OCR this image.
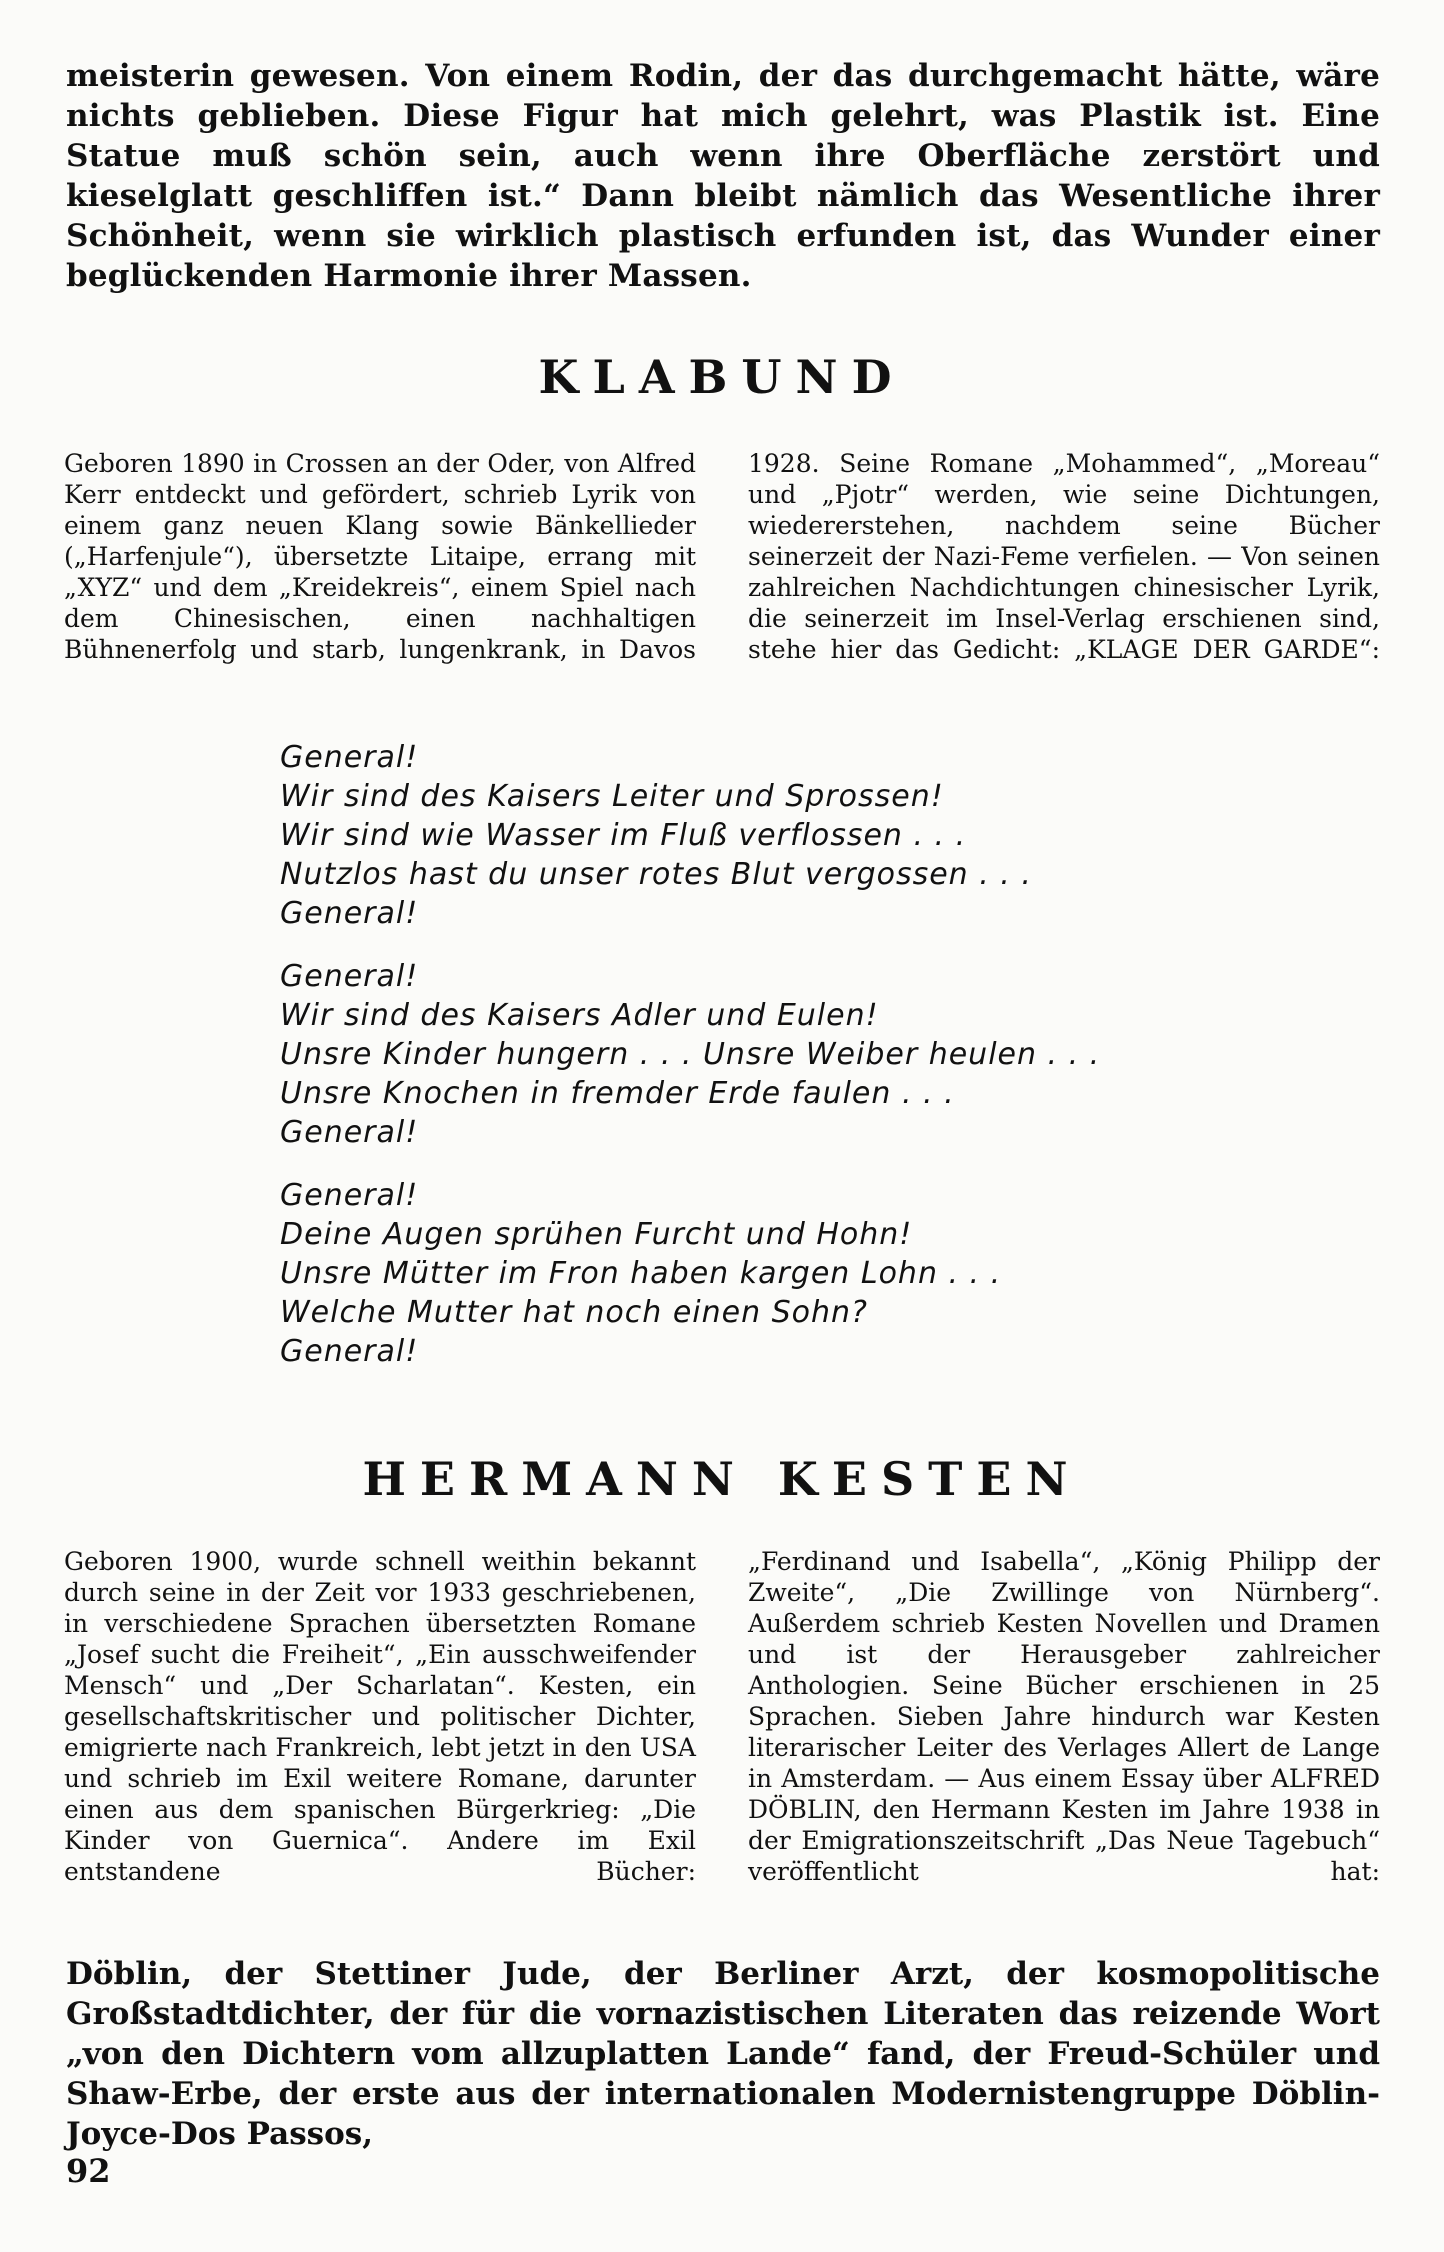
meisterin gewesen. Von einem Rodin, der das durchgemacht hätte, wäre nichts geblieben. Diese Figur hat mich gelehrt, was Plastik ist. Eine Statue muß schön sein, auch wenn ihre Oberfläche zerstört und kieselglatt geschliffen ist.“ Dann bleibt nämlich das Wesentliche ihrer Schönheit, wenn sie wirklich plastisch erfunden ist, das Wunder einer beglückenden Harmonie ihrer Massen.
KLABUND
Geboren 1890 in Crossen an der Oder, von Alfred Kerr entdeckt und gefördert, schrieb Lyrik von einem ganz neuen Klang sowie Bänkellieder („Harfenjule“), übersetzte Litaipe, errang mit „XYZ“ und dem „Kreidekreis“, einem Spiel nach dem Chinesischen, einen nachhaltigen Bühnenerfolg und starb, lungenkrank, in Davos
1928. Seine Romane „Mohammed“, „Moreau“ und „Pjotr“ werden, wie seine Dichtungen, wiedererstehen, nachdem seine Bücher seinerzeit der Nazi-Feme verfielen. — Von seinen zahlreichen Nachdichtungen chinesischer Lyrik, die seinerzeit im Insel-Verlag erschienen sind, stehe hier das Gedicht: „KLAGE DER GARDE“:
General!
Wir sind des Kaisers Leiter und Sprossen!
Wir sind wie Wasser im Fluß verflossen . . .
Nutzlos hast du unser rotes Blut vergossen . . .
General!
General!
Wir sind des Kaisers Adler und Eulen!
Unsre Kinder hungern . . . Unsre Weiber heulen . . .
Unsre Knochen in fremder Erde faulen . . .
General!
General!
Deine Augen sprühen Furcht und Hohn!
Unsre Mütter im Fron haben kargen Lohn . . .
Welche Mutter hat noch einen Sohn?
General!
HERMANN KESTEN
Geboren 1900, wurde schnell weithin bekannt durch seine in der Zeit vor 1933 geschriebenen, in verschiedene Sprachen übersetzten Romane „Josef sucht die Freiheit“, „Ein ausschweifender Mensch“ und „Der Scharlatan“. Kesten, ein gesellschaftskritischer und politischer Dichter, emigrierte nach Frankreich, lebt jetzt in den USA und schrieb im Exil weitere Romane, darunter einen aus dem spanischen Bürgerkrieg: „Die Kinder von Guernica“. Andere im Exil entstandene Bücher:
„Ferdinand und Isabella“, „König Philipp der Zweite“, „Die Zwillinge von Nürnberg“. Außerdem schrieb Kesten Novellen und Dramen und ist der Herausgeber zahlreicher Anthologien. Seine Bücher erschienen in 25 Sprachen. Sieben Jahre hindurch war Kesten literarischer Leiter des Verlages Allert de Lange in Amsterdam. — Aus einem Essay über ALFRED DÖBLIN, den Hermann Kesten im Jahre 1938 in der Emigrationszeitschrift „Das Neue Tagebuch“ veröffentlicht hat:
Döblin, der Stettiner Jude, der Berliner Arzt, der kosmopolitische Großstadtdichter, der für die vornazistischen Literaten das reizende Wort „von den Dichtern vom allzuplatten Lande“ fand, der Freud-Schüler und Shaw-Erbe, der erste aus der internationalen Modernistengruppe Döblin-Joyce-Dos Passos,
92
